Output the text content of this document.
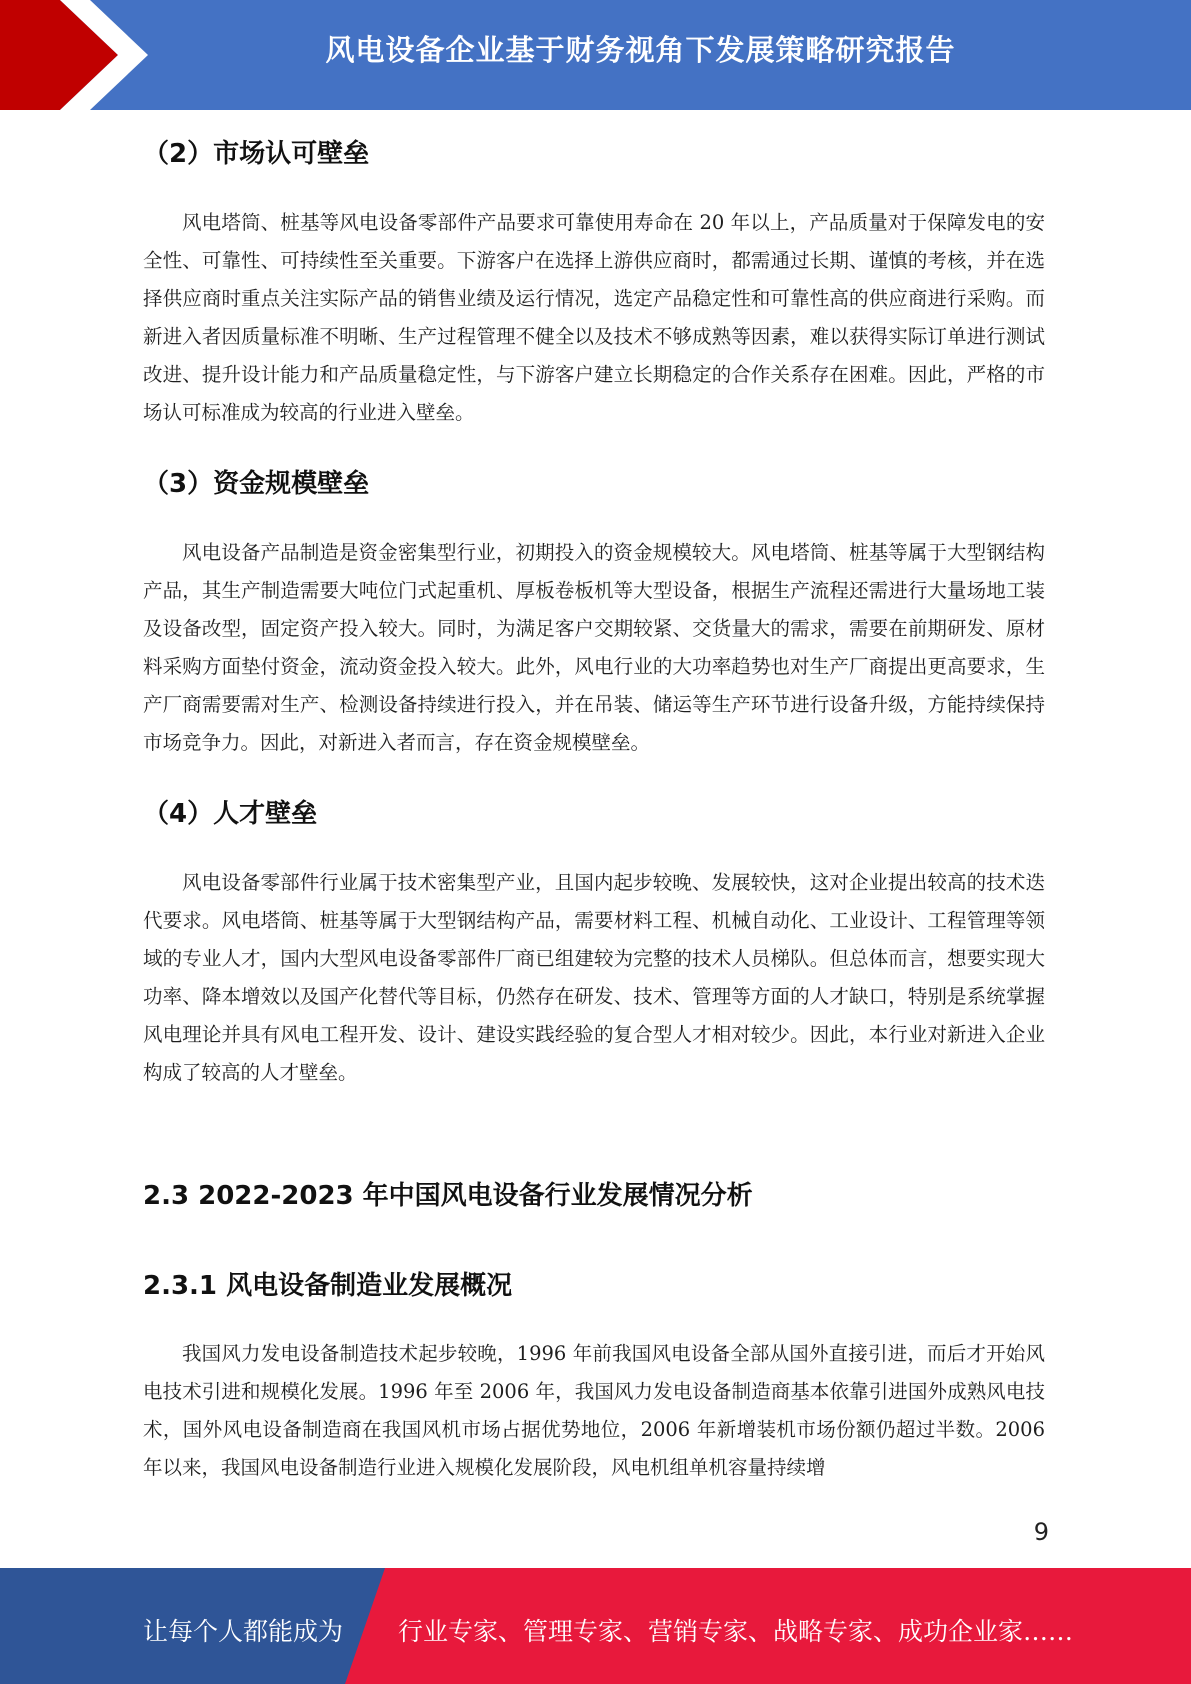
风电设备企业基于财务视角下发展策略研究报告
（2）市场认可壁垒

风电塔筒、桩基等风电设备零部件产品要求可靠使用寿命在 20 年以上，产品质量对于保障发电的安全性、可靠性、可持续性至关重要。下游客户在选择上游供应商时，都需通过长期、谨慎的考核，并在选择供应商时重点关注实际产品的销售业绩及运行情况，选定产品稳定性和可靠性高的供应商进行采购。而新进入者因质量标准不明晰、生产过程管理不健全以及技术不够成熟等因素，难以获得实际订单进行测试改进、提升设计能力和产品质量稳定性，与下游客户建立长期稳定的合作关系存在困难。因此，严格的市场认可标准成为较高的行业进入壁垒。

（3）资金规模壁垒

风电设备产品制造是资金密集型行业，初期投入的资金规模较大。风电塔筒、桩基等属于大型钢结构产品，其生产制造需要大吨位门式起重机、厚板卷板机等大型设备，根据生产流程还需进行大量场地工装及设备改型，固定资产投入较大。同时，为满足客户交期较紧、交货量大的需求，需要在前期研发、原材料采购方面垫付资金，流动资金投入较大。此外，风电行业的大功率趋势也对生产厂商提出更高要求，生产厂商需要需对生产、检测设备持续进行投入，并在吊装、储运等生产环节进行设备升级，方能持续保持市场竞争力。因此，对新进入者而言，存在资金规模壁垒。

（4）人才壁垒

风电设备零部件行业属于技术密集型产业，且国内起步较晚、发展较快，这对企业提出较高的技术迭代要求。风电塔筒、桩基等属于大型钢结构产品，需要材料工程、机械自动化、工业设计、工程管理等领域的专业人才，国内大型风电设备零部件厂商已组建较为完整的技术人员梯队。但总体而言，想要实现大功率、降本增效以及国产化替代等目标，仍然存在研发、技术、管理等方面的人才缺口，特别是系统掌握风电理论并具有风电工程开发、设计、建设实践经验的复合型人才相对较少。因此，本行业对新进入企业构成了较高的人才壁垒。

2.3 2022-2023 年中国风电设备行业发展情况分析
2.3.1 风电设备制造业发展概况

我国风力发电设备制造技术起步较晚，1996 年前我国风电设备全部从国外直接引进，而后才开始风电技术引进和规模化发展。1996 年至 2006 年，我国风力发电设备制造商基本依靠引进国外成熟风电技术，国外风电设备制造商在我国风机市场占据优势地位，2006 年新增装机市场份额仍超过半数。2006 年以来，我国风电设备制造行业进入规模化发展阶段，风电机组单机容量持续增

9
让每个人都能成为 行业专家、管理专家、营销专家、战略专家、成功企业家……
